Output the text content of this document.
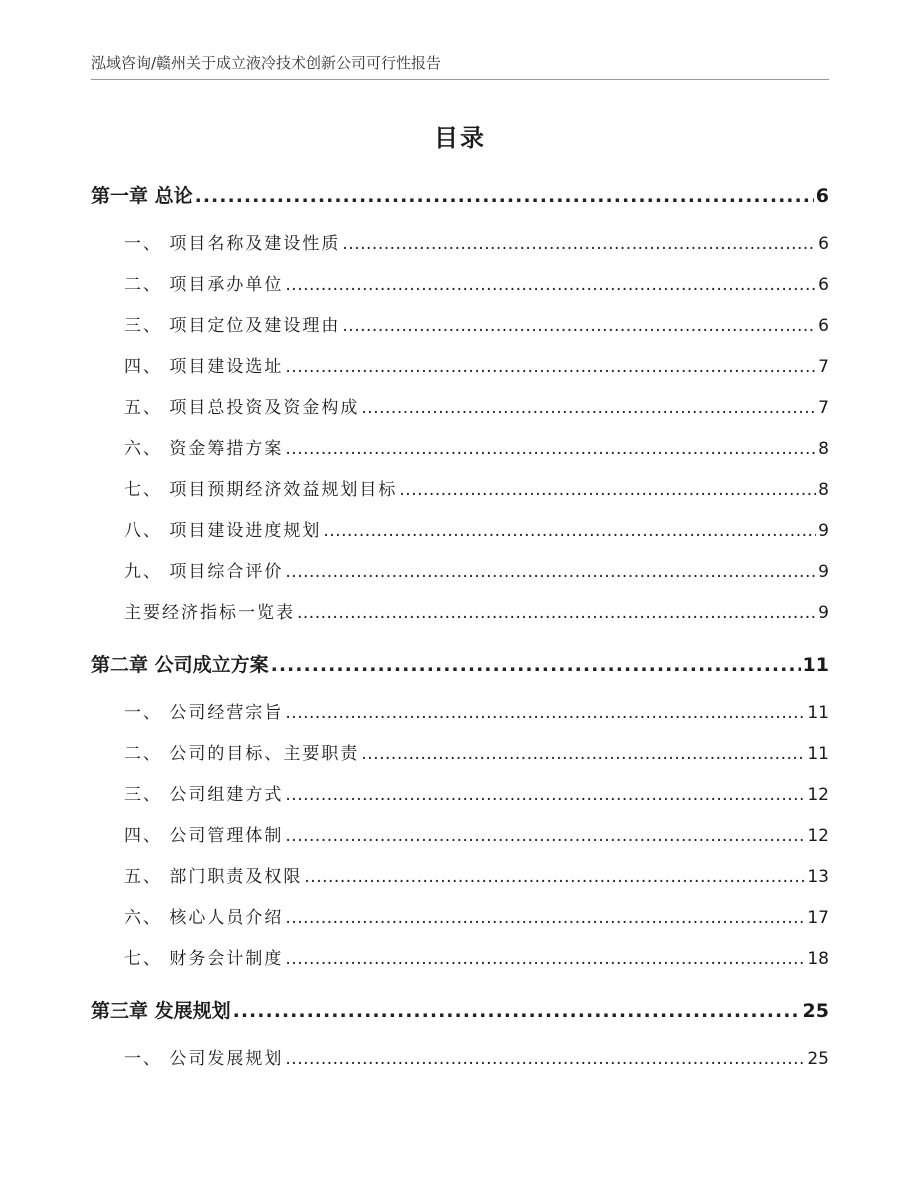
泓域咨询/赣州关于成立液冷技术创新公司可行性报告
目录
第一章 总论 .....	6
一、 项目名称及建设性质 .....	6
二、 项目承办单位 .....	6
三、 项目定位及建设理由 .....	6
四、 项目建设选址 .....	7
五、 项目总投资及资金构成 .....	7
六、 资金筹措方案 .....	8
七、 项目预期经济效益规划目标 .....	8
八、 项目建设进度规划 .....	9
九、 项目综合评价 .....	9
主要经济指标一览表 .....	9
第二章 公司成立方案 .....	11
一、 公司经营宗旨 .....	11
二、 公司的目标、主要职责 .....	11
三、 公司组建方式 .....	12
四、 公司管理体制 .....	12
五、 部门职责及权限 .....	13
六、 核心人员介绍 .....	17
七、 财务会计制度 .....	18
第三章 发展规划 .....	25
一、 公司发展规划 .....	25
